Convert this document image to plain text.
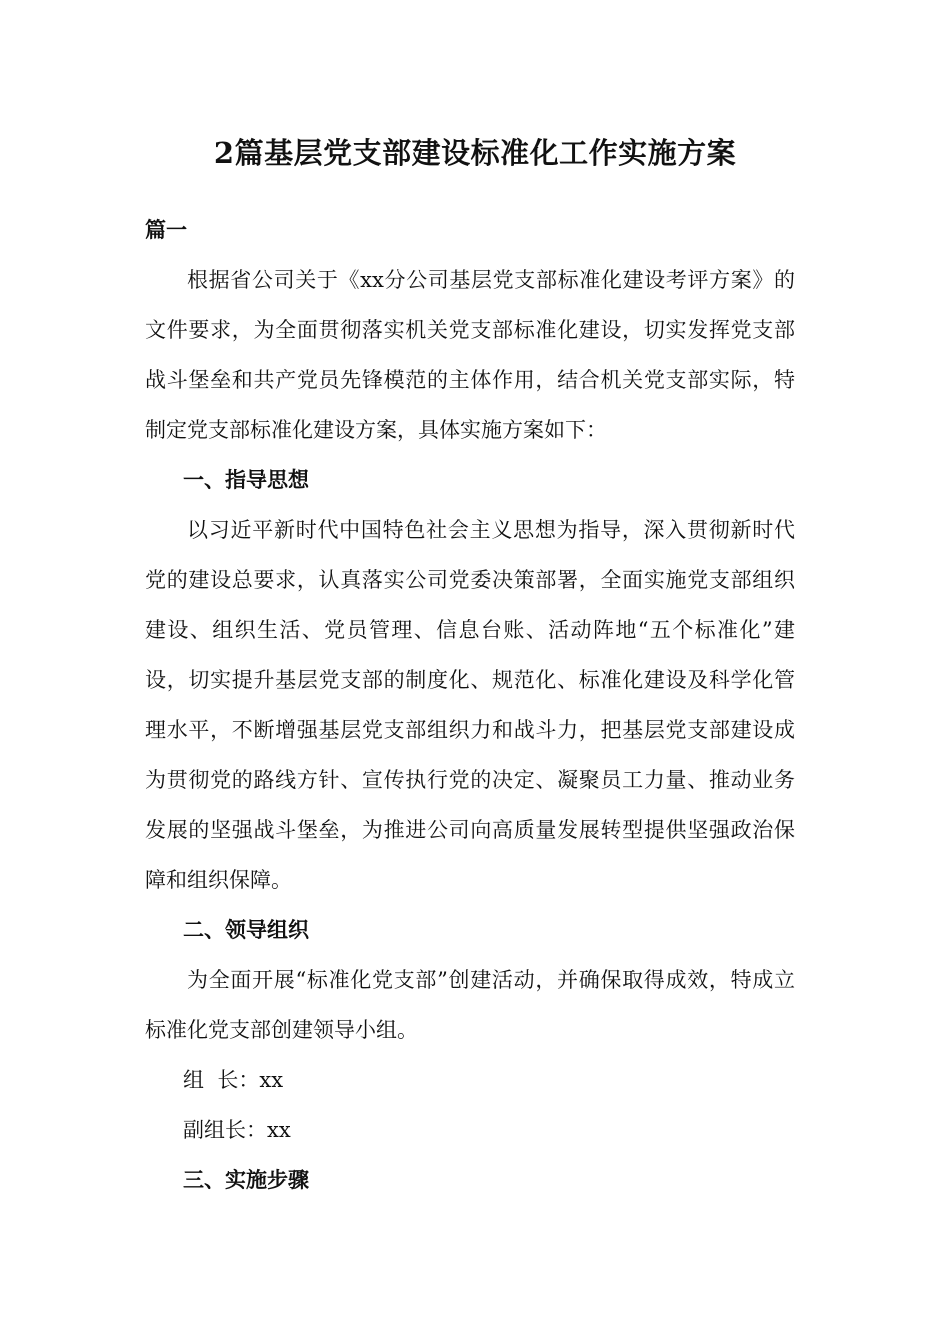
2篇基层党支部建设标准化工作实施方案

篇一

根据省公司关于《xx分公司基层党支部标准化建设考评方案》的文件要求，为全面贯彻落实机关党支部标准化建设，切实发挥党支部战斗堡垒和共产党员先锋模范的主体作用，结合机关党支部实际，特制定党支部标准化建设方案，具体实施方案如下：

一、指导思想

以习近平新时代中国特色社会主义思想为指导，深入贯彻新时代党的建设总要求，认真落实公司党委决策部署，全面实施党支部组织建设、组织生活、党员管理、信息台账、活动阵地“五个标准化”建设，切实提升基层党支部的制度化、规范化、标准化建设及科学化管理水平，不断增强基层党支部组织力和战斗力，把基层党支部建设成为贯彻党的路线方针、宣传执行党的决定、凝聚员工力量、推动业务发展的坚强战斗堡垒，为推进公司向高质量发展转型提供坚强政治保障和组织保障。

二、领导组织

为全面开展“标准化党支部”创建活动，并确保取得成效，特成立标准化党支部创建领导小组。

组  长：xx

副组长：xx

三、实施步骤
